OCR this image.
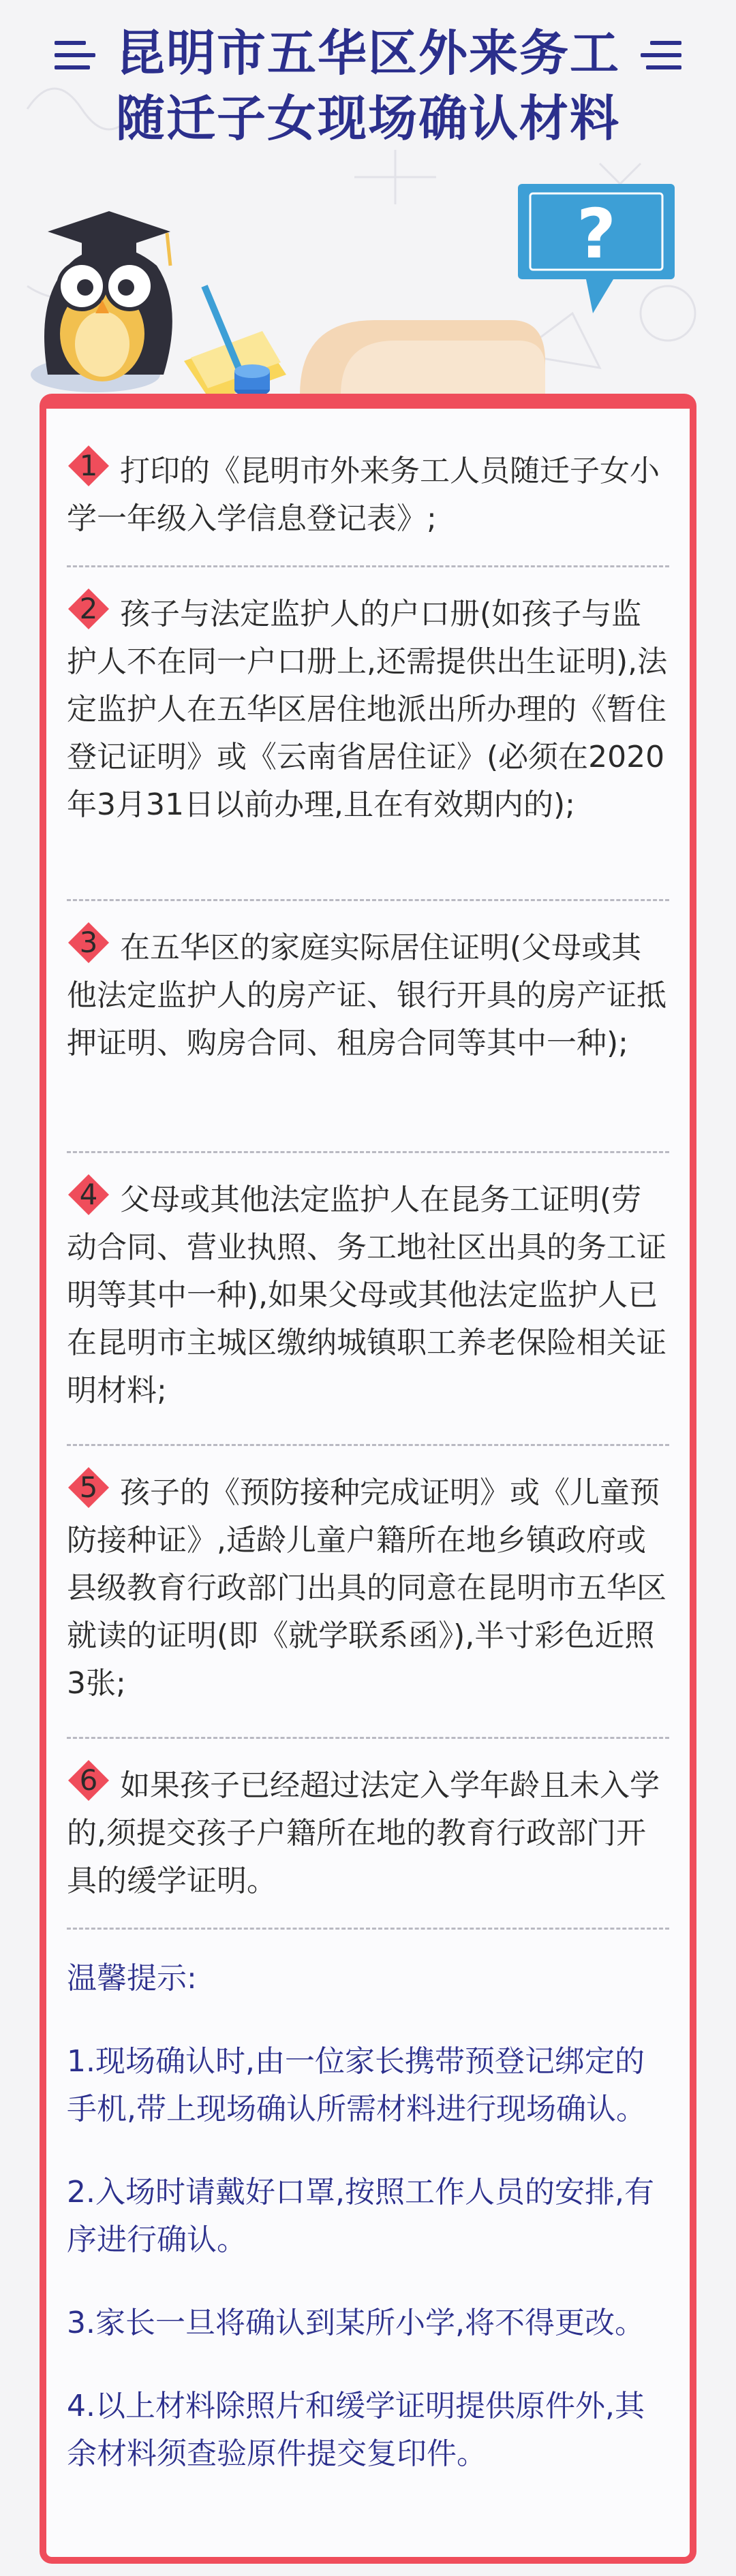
昆明市五华区外来务工
随迁子女现场确认材料
?
1 打印的《昆明市外来务工人员随迁子女小学一年级入学信息登记表》;
2 孩子与法定监护人的户口册(如孩子与监护人不在同一户口册上,还需提供出生证明),法定监护人在五华区居住地派出所办理的《暂住登记证明》或《云南省居住证》(必须在2020年3月31日以前办理,且在有效期内的);
3 在五华区的家庭实际居住证明(父母或其他法定监护人的房产证、银行开具的房产证抵押证明、购房合同、租房合同等其中一种);
4 父母或其他法定监护人在昆务工证明(劳动合同、营业执照、务工地社区出具的务工证明等其中一种),如果父母或其他法定监护人已在昆明市主城区缴纳城镇职工养老保险相关证明材料;
5 孩子的《预防接种完成证明》或《儿童预防接种证》,适龄儿童户籍所在地乡镇政府或县级教育行政部门出具的同意在昆明市五华区就读的证明(即《就学联系函》),半寸彩色近照3张;
6 如果孩子已经超过法定入学年龄且未入学的,须提交孩子户籍所在地的教育行政部门开具的缓学证明。
温馨提示:
1.现场确认时,由一位家长携带预登记绑定的手机,带上现场确认所需材料进行现场确认。
2.入场时请戴好口罩,按照工作人员的安排,有序进行确认。
3.家长一旦将确认到某所小学,将不得更改。
4.以上材料除照片和缓学证明提供原件外,其余材料须查验原件提交复印件。
